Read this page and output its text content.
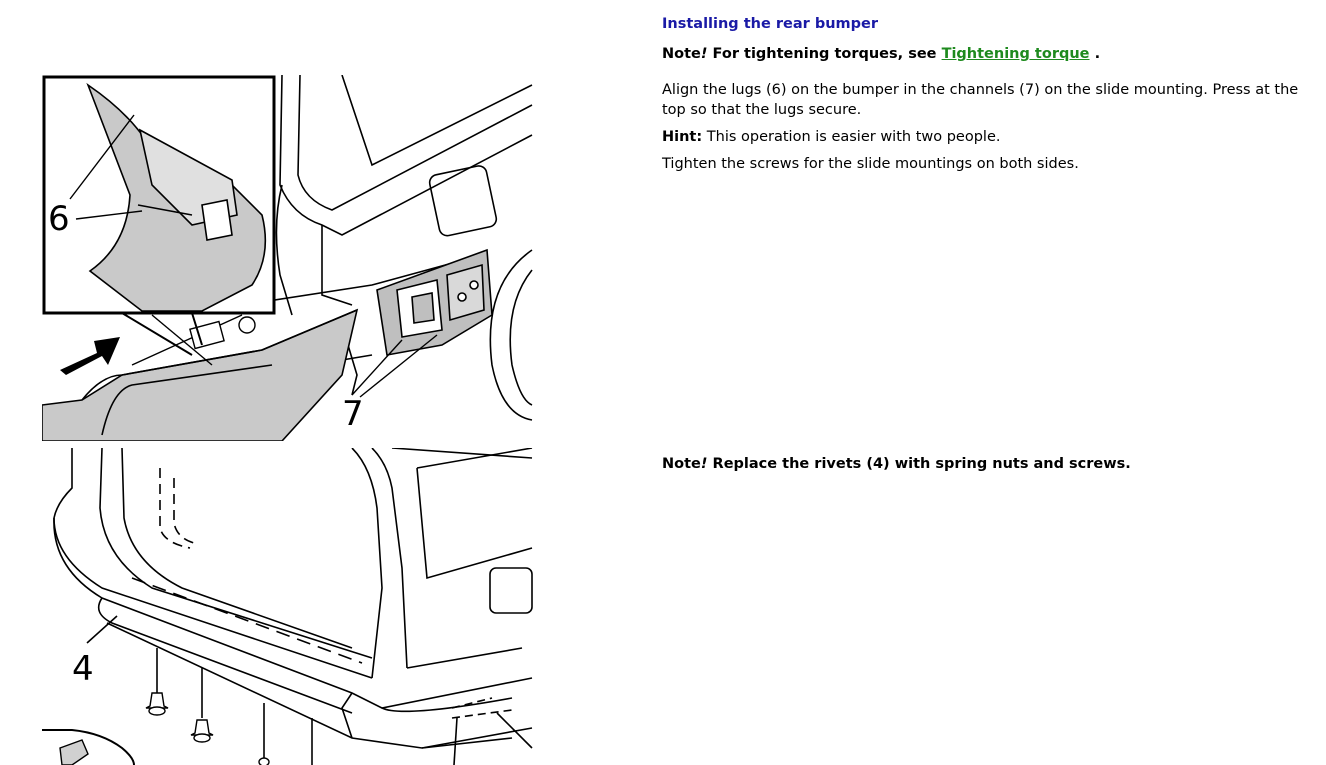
7
6
4
Installing the rear bumper
Note! For tightening torques, see Tightening torque .
Align the lugs (6) on the bumper in the channels (7) on the slide mounting. Press at the top so that the lugs secure.
Hint: This operation is easier with two people.
Tighten the screws for the slide mountings on both sides.
Note! Replace the rivets (4) with spring nuts and screws.
